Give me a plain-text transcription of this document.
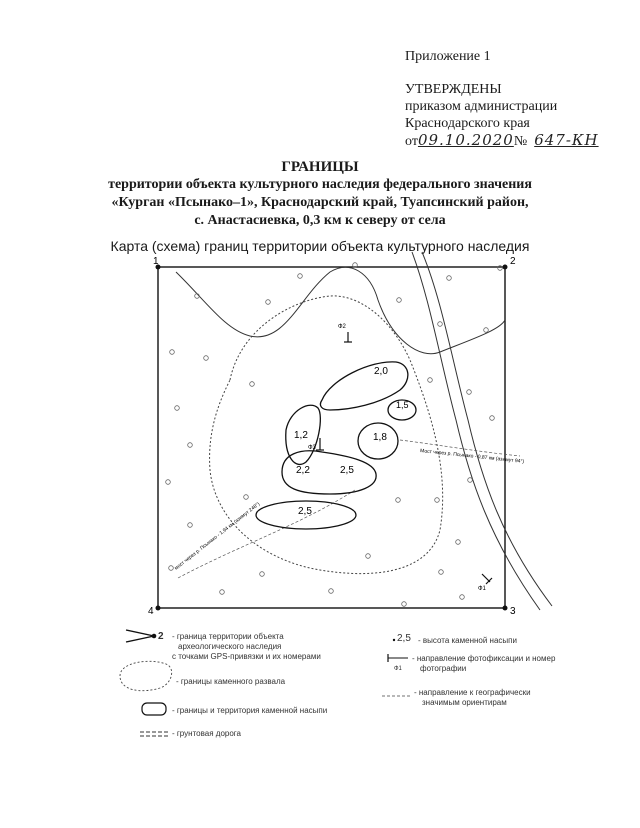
Приложение 1
УТВЕРЖДЕНЫ
приказом администрации
Краснодарского края
от09.10.2020№ 647-КН
ГРАНИЦЫ
территории объекта культурного наследия федерального значения
«Курган «Псынако–1», Краснодарский край, Туапсинский район,
с. Анастасиевка, 0,3 км к северу от села
Карта (схема) границ территории объекта культурного наследия
1	2
3
4
2,0
1,5
1,2	1,8
2,2	2,5
2,5
Ф2
Ф3
Ф1
Мост через р. Псынако - 0,87 км (азимут 94°)
мост через р. Псынако - 1,94 км (азимут 248°)
2 - граница территории объекта
археологического наследия
с точками GPS-привязки и их номерами
- границы каменного развала
- границы и территория каменной насыпи
- грунтовая дорога
2,5 - высота каменной насыпи
Ф1
- направление фотофиксации и номер
фотографии
- направление к географически
значимым ориентирам
